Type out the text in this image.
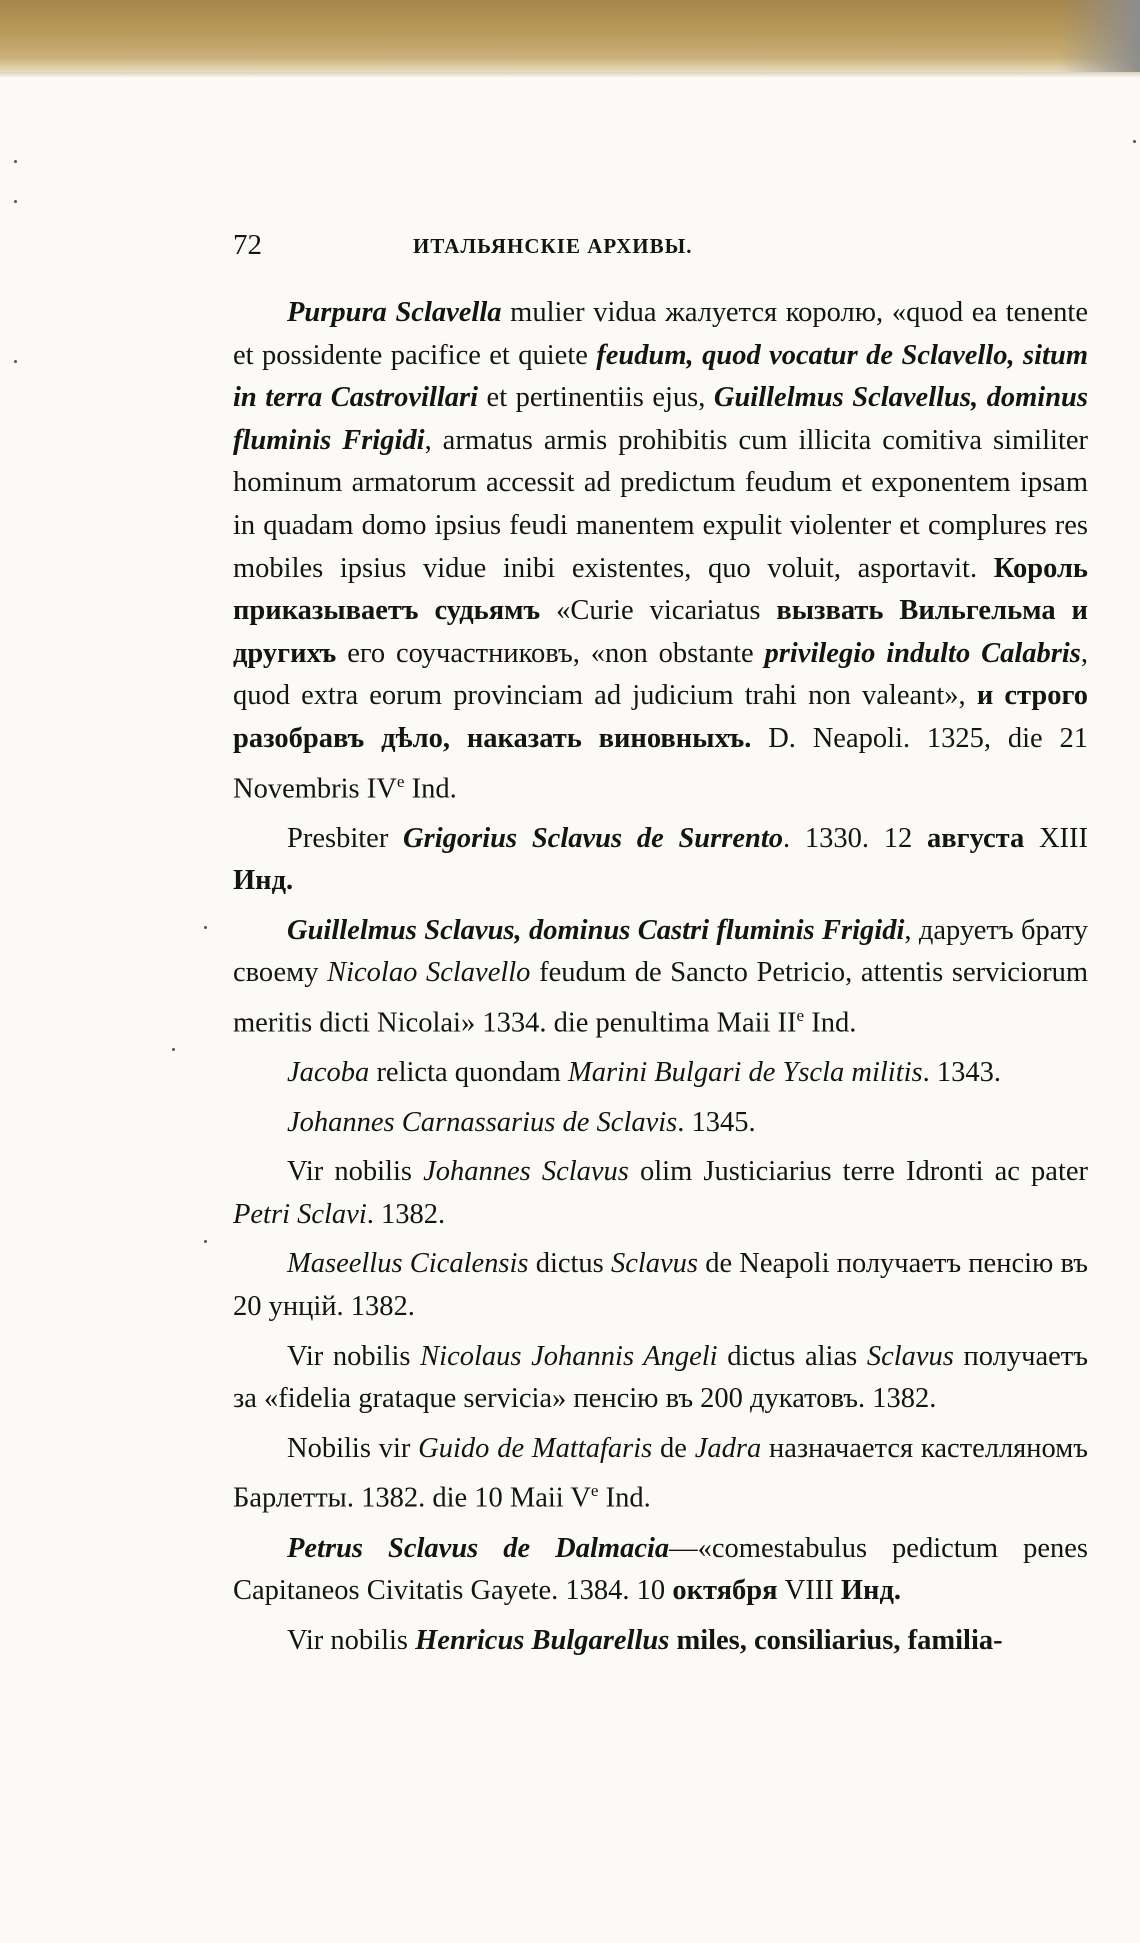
72	ИТАЛЬЯНСКІЕ АРХИВЫ.

Purpura Sclavella mulier vidua жалуется королю, «quod ea tenente et possidente pacifice et quiete feudum, quod vocatur de Sclavello, situm in terra Castrovillari et pertinentiis ejus, Guillelmus Sclavellus, dominus fluminis Frigidi, armatus armis prohibitis cum illicita comitiva similiter hominum armatorum accessit ad predictum feudum et exponentem ipsam in quadam domo ipsius feudi manentem expulit violenter et complures res mobiles ipsius vidue inibi existentes, quo voluit, asportavit. Король приказываетъ судьямъ «Curie vicariatus вызвать Вильгельма и другихъ его соучастниковъ, «non obstante privilegio indulto Calabris, quod extra eorum provinciam ad judicium trahi non valeant», и строго разобравъ дѣло, наказать виновныхъ. D. Neapoli. 1325, die 21 Novembris IVe Ind.

Presbiter Grigorius Sclavus de Surrento. 1330. 12 августа XIII Инд.

Guillelmus Sclavus, dominus Castri fluminis Frigidi, даруетъ брату своему Nicolao Sclavello feudum de Sancto Petricio, attentis serviciorum meritis dicti Nicolai» 1334. die penultima Maii IIe Ind.

Jacoba relicta quondam Marini Bulgari de Yscla militis. 1343.

Johannes Carnassarius de Sclavis. 1345.

Vir nobilis Johannes Sclavus olim Justiciarius terre Idronti ac pater Petri Sclavi. 1382.

Maseellus Cicalensis dictus Sclavus de Neapoli получаетъ пенсію въ 20 унцій. 1382.

Vir nobilis Nicolaus Johannis Angeli dictus alias Sclavus получаетъ за «fidelia grataque servicia» пенсію въ 200 дукатовъ. 1382.

Nobilis vir Guido de Mattafaris de Jadra назначается кастелляномъ Барлетты. 1382. die 10 Maii Ve Ind.

Petrus Sclavus de Dalmacia—«comestabulus pedictum penes Capitaneos Civitatis Gayete. 1384. 10 октября VIII Инд.

Vir nobilis Henricus Bulgarellus miles, consiliarius, familia-
